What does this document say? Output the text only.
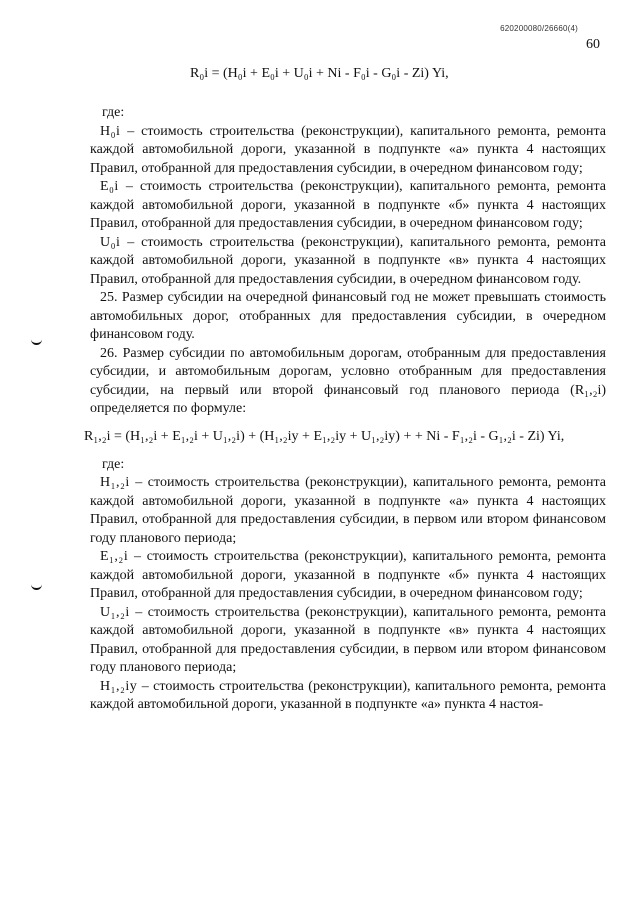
620200080/26660(4)
60
R₀i = (H₀i + E₀i + U₀i + Ni - F₀i - G₀i - Zi) Yi,

где:

H₀i – стоимость строительства (реконструкции), капитального ремонта, ремонта каждой автомобильной дороги, указанной в подпункте «а» пункта 4 настоящих Правил, отобранной для предоставления субсидии, в очередном финансовом году;

E₀i – стоимость строительства (реконструкции), капитального ремонта, ремонта каждой автомобильной дороги, указанной в подпункте «б» пункта 4 настоящих Правил, отобранной для предоставления субсидии, в очередном финансовом году;

U₀i – стоимость строительства (реконструкции), капитального ремонта, ремонта каждой автомобильной дороги, указанной в подпункте «в» пункта 4 настоящих Правил, отобранной для предоставления субсидии, в очередном финансовом году.

25. Размер субсидии на очередной финансовый год не может превышать стоимость автомобильных дорог, отобранных для предоставления субсидии, в очередном финансовом году.

26. Размер субсидии по автомобильным дорогам, отобранным для предоставления субсидии, и автомобильным дорогам, условно отобранным для предоставления субсидии, на первый или второй финансовый год планового периода (R₁,₂i) определяется по формуле:

где:

H₁,₂i – стоимость строительства (реконструкции), капитального ремонта, ремонта каждой автомобильной дороги, указанной в подпункте «а» пункта 4 настоящих Правил, отобранной для предоставления субсидии, в первом или втором финансовом году планового периода;

E₁,₂i – стоимость строительства (реконструкции), капитального ремонта, ремонта каждой автомобильной дороги, указанной в подпункте «б» пункта 4 настоящих Правил, отобранной для предоставления субсидии, в очередном финансовом году;

U₁,₂i – стоимость строительства (реконструкции), капитального ремонта, ремонта каждой автомобильной дороги, указанной в подпункте «в» пункта 4 настоящих Правил, отобранной для предоставления субсидии, в первом или втором финансовом году планового периода;

H₁,₂iy – стоимость строительства (реконструкции), капитального ремонта, ремонта каждой автомобильной дороги, указанной в подпункте «а» пункта 4 настоя-

R₁,₂i = (H₁,₂i + E₁,₂i + U₁,₂i) + (H₁,₂iy + E₁,₂iy + U₁,₂iy) + + Ni - F₁,₂i - G₁,₂i - Zi) Yi,
